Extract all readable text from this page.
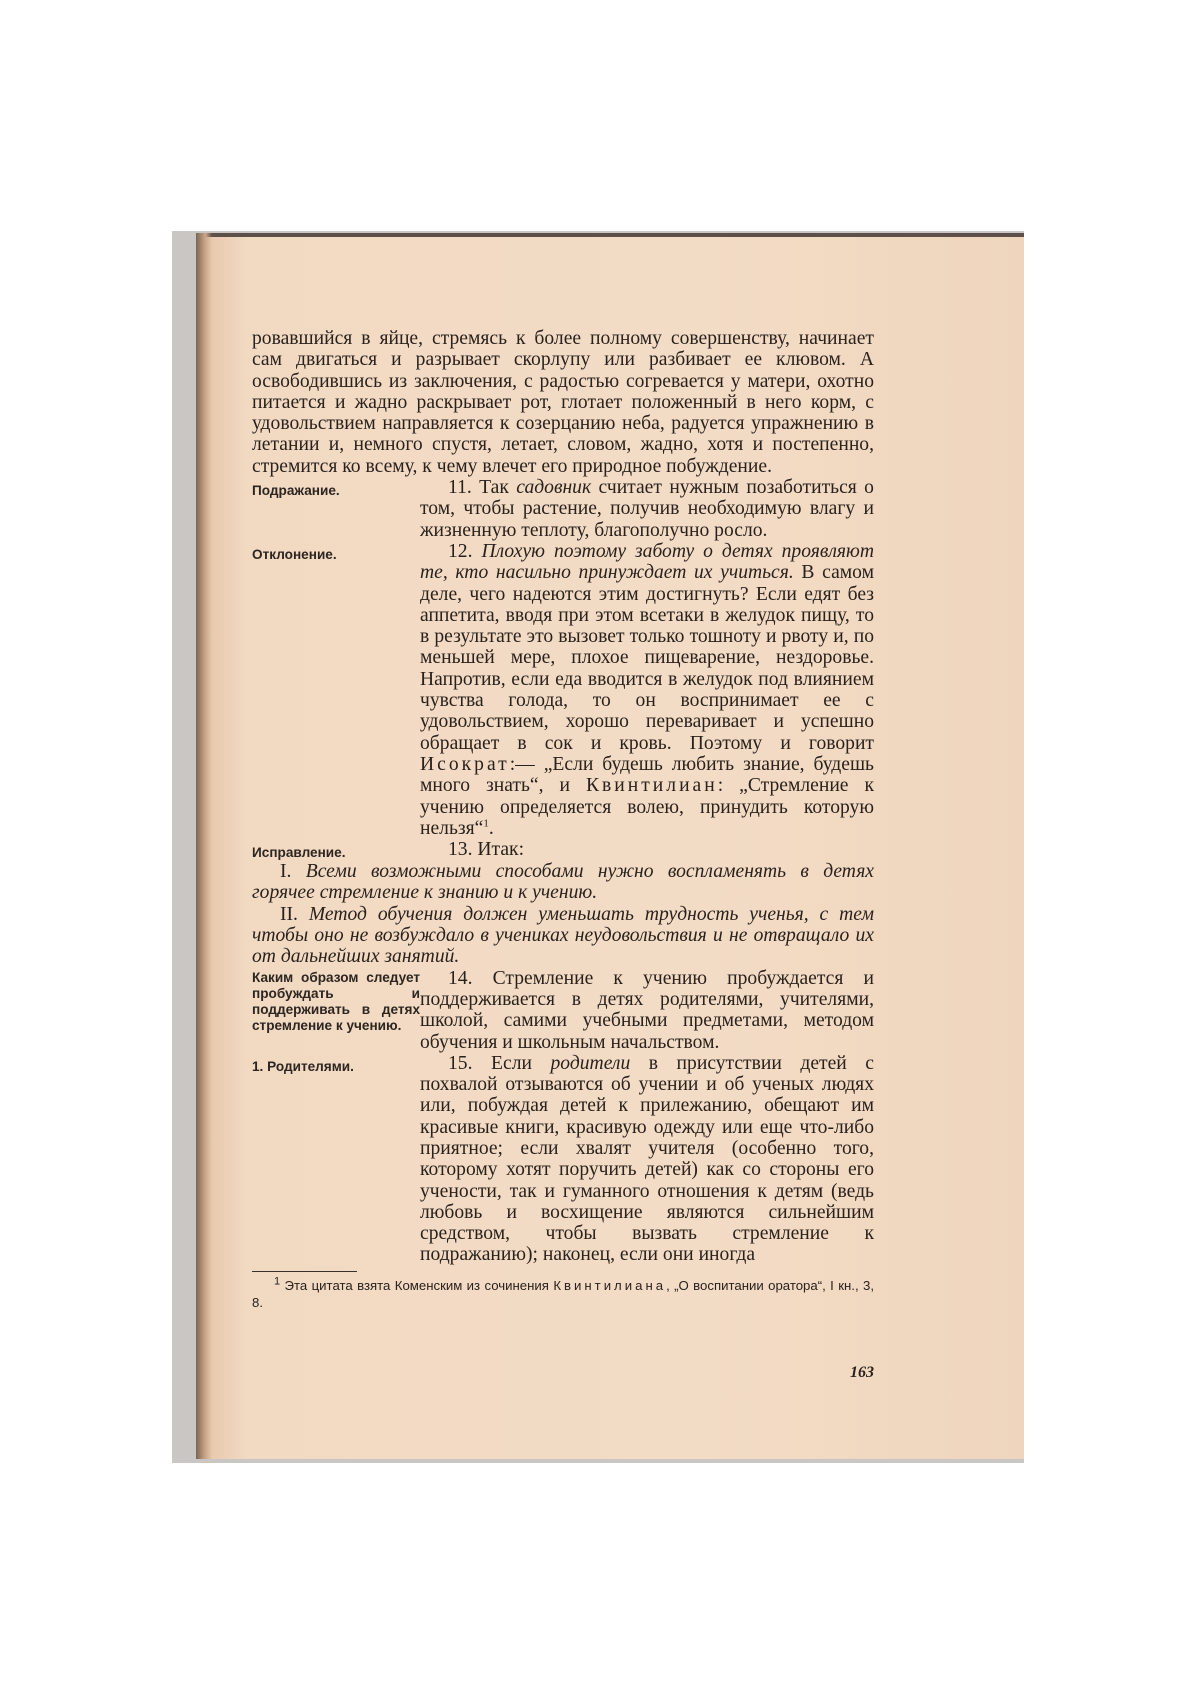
ровавшийся в яйце, стремясь к более полному совершенству, начинает сам двигаться и разрывает скорлупу или разбивает ее клювом. А освободившись из заключения, с радостью согревается у матери, охотно питается и жадно раскрывает рот, глотает положенный в него корм, с удовольствием направляется к созерцанию неба, радуется упражнению в летании и, немного спустя, летает, словом, жадно, хотя и постепенно, стремится ко всему, к чему влечет его природное побуждение.

Подражание.	11. Так садовник считает нужным позаботиться о том, чтобы растение, получив необходимую влагу и жизненную теплоту, благополучно росло.
Отклонение.	12. Плохую поэтому заботу о детях проявляют те, кто насильно принуждает их учиться. В самом деле, чего надеются этим достигнуть? Если едят без аппетита, вводя при этом всетаки в желудок пищу, то в результате это вызовет только тошноту и рвоту и, по меньшей мере, плохое пищеварение, нездоровье. Напротив, если еда вводится в желудок под влиянием чувства голода, то он воспринимает ее с удовольствием, хорошо переваривает и успешно обращает в сок и кровь. Поэтому и говорит Исократ:— „Если будешь любить знание, будешь много знать“, и Квинтилиан: „Стремление к учению определяется волею, принудить которую нельзя“$^1$.
Исправление.	13. Итак:

I. Всеми возможными способами нужно воспламенять в детях горячее стремление к знанию и к учению.

II. Метод обучения должен уменьшать трудность ученья, с тем чтобы оно не возбуждало в учениках неудовольствия и не отвращало их от дальнейших занятий.

Каким образом следует пробуждать и поддерживать в детях стремление к учению.
14. Стремление к учению пробуждается и поддерживается в детях родителями, учителями, школой, самими учебными предметами, методом обучения и школьным начальством.
1. Родителями.	15. Если родители в присутствии детей с похвалой отзываются об учении и об ученых людях или, побуждая детей к прилежанию, обещают им красивые книги, красивую одежду или еще что-либо приятное; если хвалят учителя (особенно того, которому хотят поручить детей) как со стороны его учености, так и гуманного отношения к детям (ведь любовь и восхищение являются сильнейшим средством, чтобы вызвать стремление к подражанию); наконец, если они иногда

$^1$ Эта цитата взята Коменским из сочинения Квинтилиана, „О воспитании оратора“, I кн., 3, 8.

163
